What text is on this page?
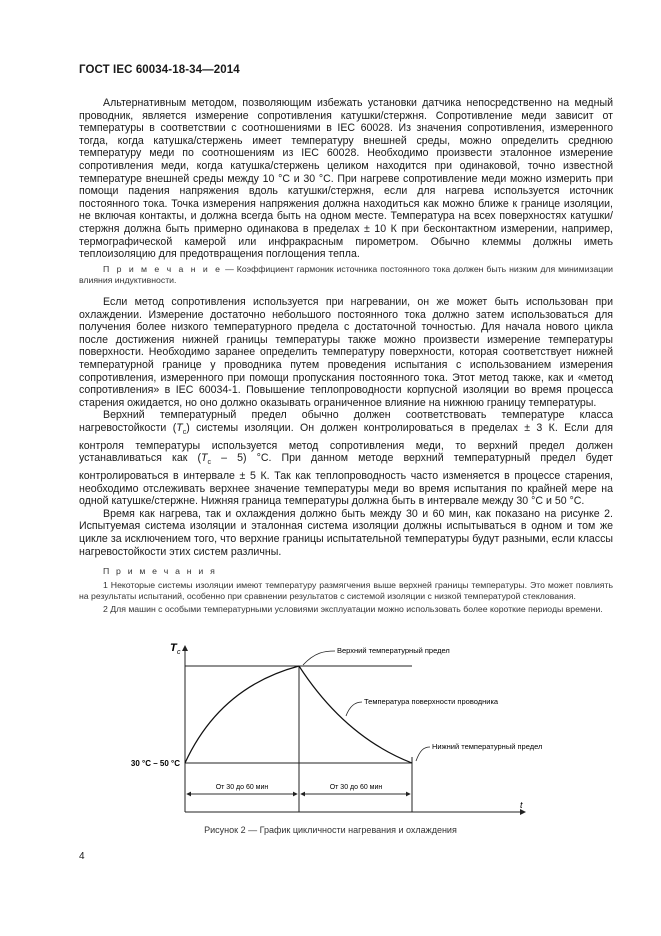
ГОСТ IEC 60034-18-34—2014

Альтернативным методом, позволяющим избежать установки датчика непосредственно на медный проводник, является измерение сопротивления катушки/стержня. Сопротивление меди зависит от температуры в соответствии с соотношениями в IEC 60028. Из значения сопротивления, измеренного тогда, когда катушка/стержень имеет температуру внешней среды, можно определить среднюю температуру меди по соотношениям из IEC 60028. Необходимо произвести эталонное измерение сопротивления меди, когда катушка/стержень целиком находится при одинаковой, точно известной температуре внешней среды между 10 °С и 30 °С. При нагреве сопротивление меди можно измерить при помощи падения напряжения вдоль катушки/стержня, если для нагрева используется источник постоянного тока. Точка измерения напряжения должна находиться как можно ближе к границе изоляции, не включая контакты, и должна всегда быть на одном месте. Температура на всех поверхностях катушки/стержня должна быть примерно одинакова в пределах ± 10 К при бесконтактном измерении, например, термографической камерой или инфракрасным пирометром. Обычно клеммы должны иметь теплоизоляцию для предотвращения поглощения тепла.

П р и м е ч а н и е — Коэффициент гармоник источника постоянного тока должен быть низким для минимизации влияния индуктивности.

Если метод сопротивления используется при нагревании, он же может быть использован при охлаждении. Измерение достаточно небольшого постоянного тока должно затем использоваться для получения более низкого температурного предела с достаточной точностью. Для начала нового цикла после достижения нижней границы температуры также можно произвести измерение температуры поверхности. Необходимо заранее определить температуру поверхности, которая соответствует нижней температурной границе у проводника путем проведения испытания с использованием измерения сопротивления, измеренного при помощи пропускания постоянного тока. Этот метод также, как и «метод сопротивления» в IEC 60034-1. Повышение теплопроводности корпусной изоляции во время процесса старения ожидается, но оно должно оказывать ограниченное влияние на нижнюю границу температуры.

Верхний температурный предел обычно должен соответствовать температуре класса нагревостойкости $(T_c)$ системы изоляции. Он должен контролироваться в пределах ± 3 К. Если для контроля температуры используется метод сопротивления меди, то верхний предел должен устанавливаться как $(T_c - 5)$ °С. При данном методе верхний температурный предел будет контролироваться в интервале ± 5 К. Так как теплопроводность часто изменяется в процессе старения, необходимо отслеживать верхнее значение температуры меди во время испытания по крайней мере на одной катушке/стержне. Нижняя граница температуры должна быть в интервале между 30 °С и 50 °С.

Время как нагрева, так и охлаждения должно быть между 30 и 60 мин, как показано на рисунке 2. Испытуемая система изоляции и эталонная система изоляции должны испытываться в одном и том же цикле за исключением того, что верхние границы испытательной температуры будут разными, если классы нагревостойкости этих систем различны.

П р и м е ч а н и я

1 Некоторые системы изоляции имеют температуру размягчения выше верхней границы температуры. Это может повлиять на результаты испытаний, особенно при сравнении результатов с системой изоляции с низкой температурой стеклования.

2 Для машин с особыми температурными условиями эксплуатации можно использовать более короткие периоды времени.

T c
t
От 30 до 60 мин	От 30 до 60 мин
30 °С – 50 °С
Верхний температурный предел
Температура поверхности проводника
Нижний температурный предел
Рисунок 2 — График цикличности нагревания и охлаждения
4
